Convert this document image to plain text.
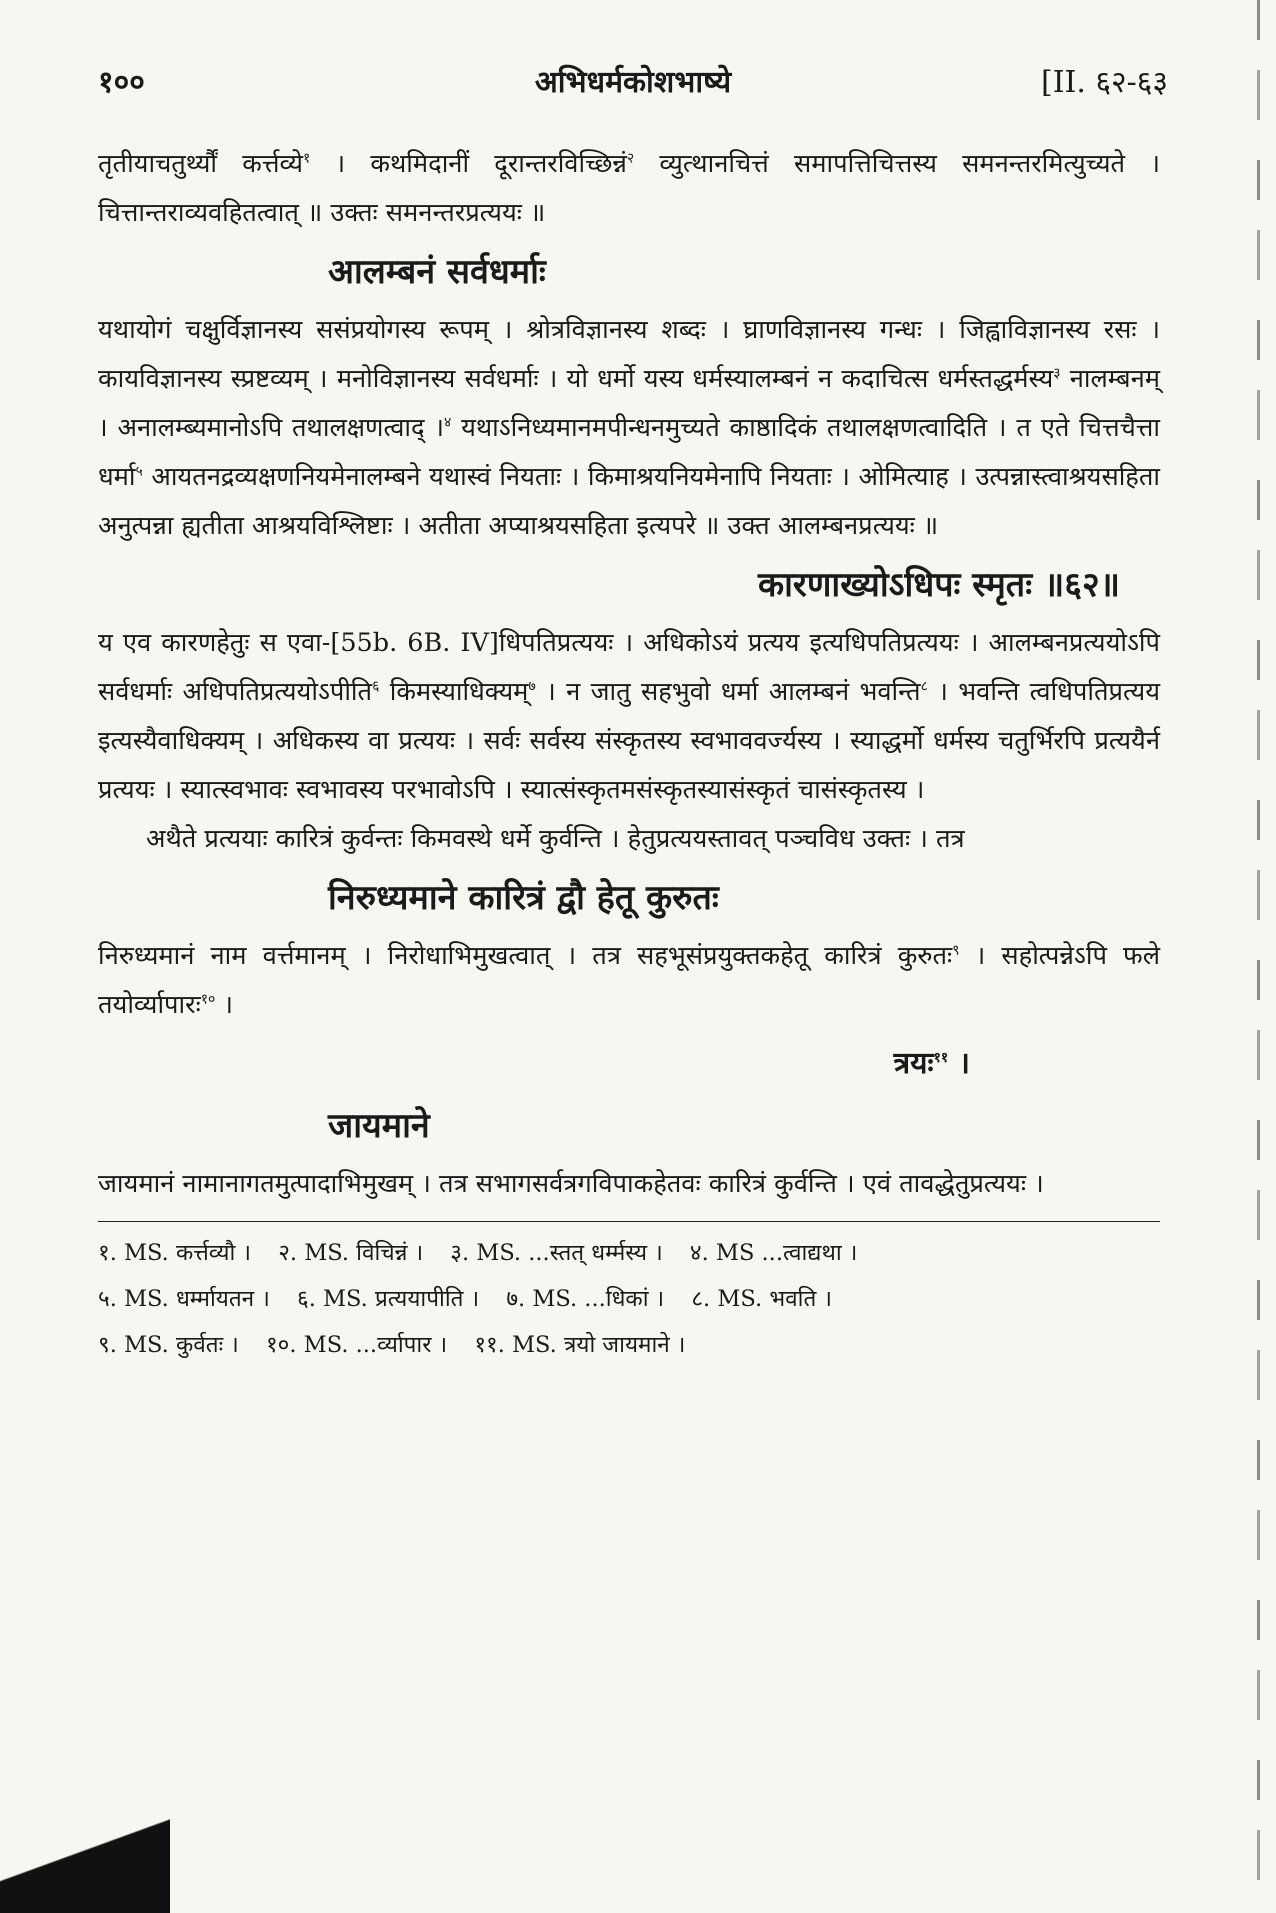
१००	अभिधर्मकोशभाष्ये	[II. ६२-६३

तृतीयाचतुर्थ्यौं कर्त्तव्ये$^१$ । कथमिदानीं दूरान्तरविच्छिन्नं$^२$ व्युत्थानचित्तं समापत्तिचित्तस्य समनन्तरमित्युच्यते । चित्तान्तराव्यवहितत्वात् ॥ उक्तः समनन्तरप्रत्ययः ॥

आलम्बनं सर्वधर्माः

यथायोगं चक्षुर्विज्ञानस्य ससंप्रयोगस्य रूपम् । श्रोत्रविज्ञानस्य शब्दः । घ्राणविज्ञानस्य गन्धः । जिह्वाविज्ञानस्य रसः । कायविज्ञानस्य स्प्रष्टव्यम् । मनोविज्ञानस्य सर्वधर्माः । यो धर्मो यस्य धर्मस्यालम्बनं न कदाचित्स धर्मस्तद्धर्मस्य$^३$ नालम्बनम् । अनालम्ब्यमानोऽपि तथालक्षणत्वाद् ।$^४$ यथाऽनिध्यमानमपीन्धनमुच्यते काष्ठादिकं तथालक्षणत्वादिति । त एते चित्तचैत्ता धर्मा$^५$ आयतनद्रव्यक्षणनियमेनालम्बने यथास्वं नियताः । किमाश्रयनियमेनापि नियताः । ओमित्याह । उत्पन्नास्त्वाश्रयसहिता अनुत्पन्ना ह्यतीता आश्रयविश्लिष्टाः । अतीता अप्याश्रयसहिता इत्यपरे ॥ उक्त आलम्बनप्रत्ययः ॥

कारणाख्योऽधिपः स्मृतः ॥६२॥

य एव कारणहेतुः स एवा-[55b. 6B. IV]धिपतिप्रत्ययः । अधिकोऽयं प्रत्यय इत्यधिपतिप्रत्ययः । आलम्बनप्रत्ययोऽपि सर्वधर्माः अधिपतिप्रत्ययोऽपीति$^६$ किमस्याधिक्यम्$^७$ । न जातु सहभुवो धर्मा आलम्बनं भवन्ति$^८$ । भवन्ति त्वधिपतिप्रत्यय इत्यस्यैवाधिक्यम् । अधिकस्य वा प्रत्ययः । सर्वः सर्वस्य संस्कृतस्य स्वभाववर्ज्यस्य । स्याद्धर्मो धर्मस्य चतुर्भिरपि प्रत्ययैर्न प्रत्ययः । स्यात्स्वभावः स्वभावस्य परभावोऽपि । स्यात्संस्कृतमसंस्कृतस्यासंस्कृतं चासंस्कृतस्य ।

अथैते प्रत्ययाः कारित्रं कुर्वन्तः किमवस्थे धर्मे कुर्वन्ति । हेतुप्रत्ययस्तावत् पञ्चविध उक्तः । तत्र

निरुध्यमाने कारित्रं द्वौ हेतू कुरुतः

निरुध्यमानं नाम वर्त्तमानम् । निरोधाभिमुखत्वात् । तत्र सहभूसंप्रयुक्तकहेतू कारित्रं कुरुतः$^९$ । सहोत्पन्नेऽपि फले तयोर्व्यापारः$^{१०}$ ।

त्रयः$^{११}$ ।
जायमाने

जायमानं नामानागतमुत्पादाभिमुखम् । तत्र सभागसर्वत्रगविपाकहेतवः कारित्रं कुर्वन्ति । एवं तावद्धेतुप्रत्ययः ।

१. MS. कर्त्तव्यौ । २. MS. विचिन्नं । ३. MS. ...स्तत् धर्म्मस्य । ४. MS ...त्वाद्यथा ।
५. MS. धर्म्मायतन । ६. MS. प्रत्ययापीति । ७. MS. ...धिकां । ८. MS. भवति ।
९. MS. कुर्वतः । १०. MS. ...र्व्यापार । ११. MS. त्रयो जायमाने ।
